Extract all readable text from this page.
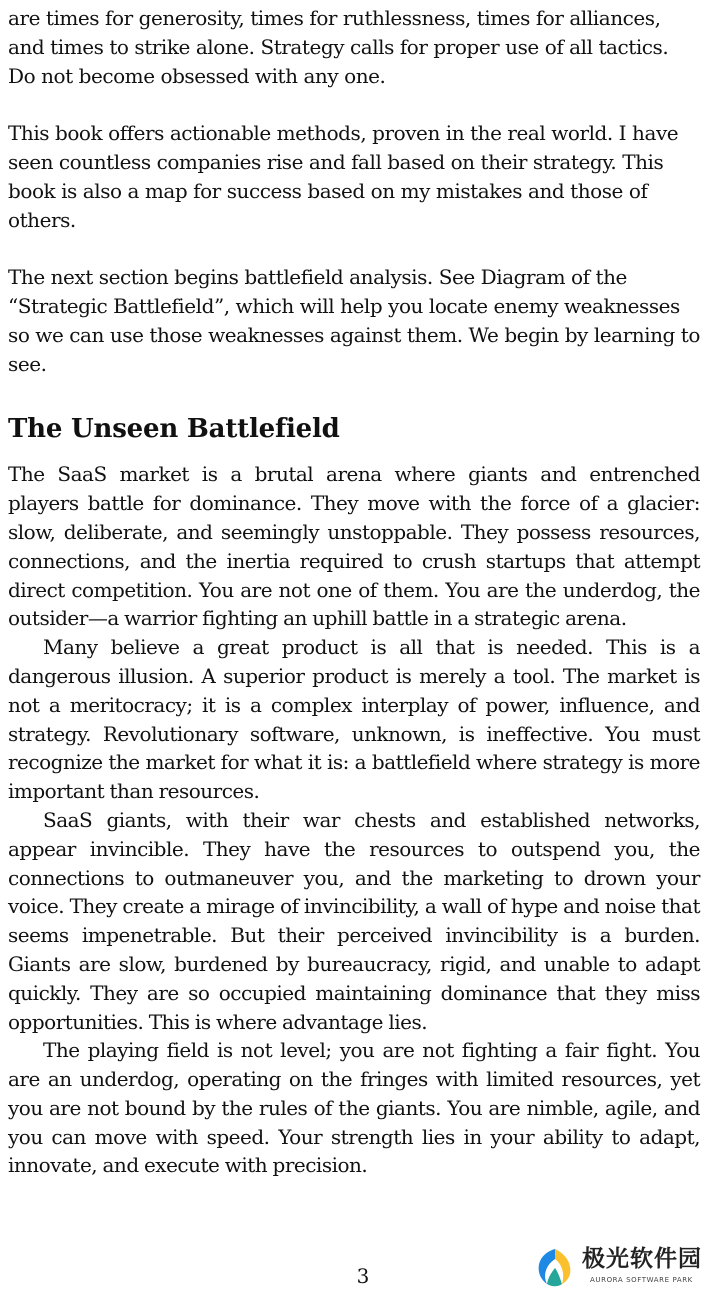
are times for generosity, times for ruthlessness, times for alliances, and times to strike alone. Strategy calls for proper use of all tactics. Do not become obsessed with any one.

This book offers actionable methods, proven in the real world. I have seen countless companies rise and fall based on their strategy. This book is also a map for success based on my mistakes and those of others.

The next section begins battlefield analysis. See Diagram of the “Strategic Battlefield”, which will help you locate enemy weaknesses so we can use those weaknesses against them. We begin by learning to see.

The Unseen Battlefield

The SaaS market is a brutal arena where giants and entrenched players battle for dominance. They move with the force of a glacier: slow, deliberate, and seemingly unstoppable. They possess resources, connections, and the inertia required to crush startups that attempt direct competition. You are not one of them. You are the underdog, the outsider—a warrior fighting an uphill battle in a strategic arena.

Many believe a great product is all that is needed. This is a dangerous illusion. A superior product is merely a tool. The market is not a meritocracy; it is a complex interplay of power, influence, and strategy. Revolutionary software, unknown, is ineffective. You must recognize the market for what it is: a battlefield where strategy is more important than resources.

SaaS giants, with their war chests and established networks, appear invincible. They have the resources to outspend you, the connections to outmaneuver you, and the marketing to drown your voice. They create a mirage of invincibility, a wall of hype and noise that seems impenetrable. But their perceived invincibility is a burden. Giants are slow, burdened by bureaucracy, rigid, and unable to adapt quickly. They are so occupied maintaining dominance that they miss opportunities. This is where advantage lies.

The playing field is not level; you are not fighting a fair fight. You are an underdog, operating on the fringes with limited resources, yet you are not bound by the rules of the giants. You are nimble, agile, and you can move with speed. Your strength lies in your ability to adapt, innovate, and execute with precision.

3
极光软件园
AURORA SOFTWARE PARK
